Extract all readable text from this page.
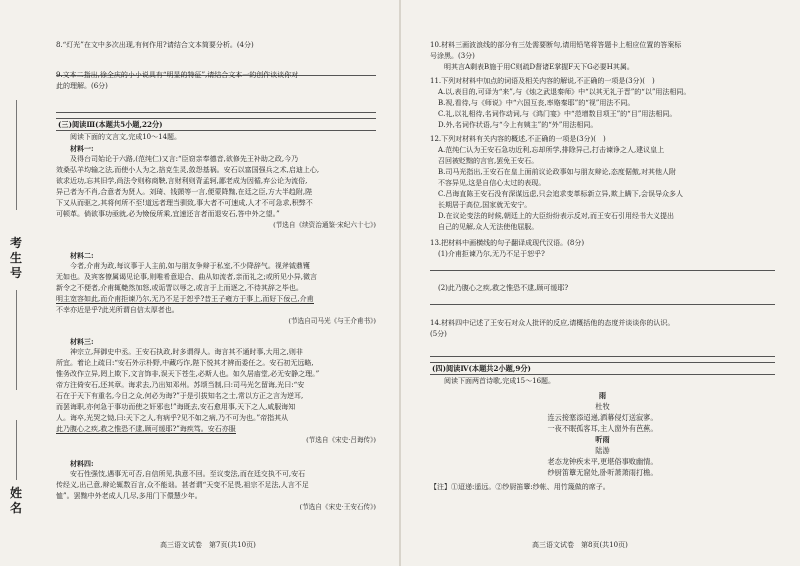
考生号
姓名
8.“灯光”在文中多次出现,有何作用?请结合文本简要分析。(4分)
9.文本二指出,徐全庆的小小说具有“明显的特征”,请结合文本一的创作谈谈你对
此的理解。(6分)
(三)阅读Ⅲ(本题共5小题,22分)
阅读下面的文言文,完成10～14题。
材料一:
及得台司始论于六路,(范纯仁)又言:“臣窃亲奉德音,欲修先王补助之政,今乃
效桑弘羊均输之法,而使小人为之,掊克生灵,敛怨基祸。安石以富国强兵之术,启迪上心,
欲求近功,忘其旧学,尚法令则称商鞅,言财利则背孟轲,鄙老成为因循,弃公论为流俗,
异己者为不肖,合意者为贤人。刘琦、钱顗等一言,便蒙降黜,在廷之臣,方大半趋附,陛
下又从而驱之,其将何所不至!道远者理当驯致,事大者不可速成,人才不可急求,积弊不
可顿革。倘欲事功亟就,必为憸佞所乘,宜速还言者而退安石,答中外之望。”
(节选自《续资治通鉴·宋纪六十七》)
材料二:
今者,介甫为政,每议事于人主前,如与朋友争辩于私室,不少降辞气。视斧钺鼎镬
无如也。及宾客僚属谒见论事,则唯希意迎合、曲从如流者,亲而礼之;或所见小异,微言
新令之不便者,介甫辄艴然加怒,或诟詈以辱之,或言于上而逐之,不待其辞之毕也。
明主宽容如此,而介甫拒谏乃尔,无乃不足于恕乎?昔王子雍方于事上,而好下佞己,介甫
不幸亦近是乎?此光所谓自信太厚者也。
(节选自司马光《与王介甫书》)
材料三:
神宗立,拜御史中丞。王安石执政,时多谓得人。诲言其不通时事,大用之,则非
所宜。着论上疏曰:“安石外示朴野,中藏巧诈,陛下悦其才辨而委任之。安石初无远略,
惟务改作立异,罔上欺下,文言饰非,误天下苍生,必斯人也。如久居庙堂,必无安静之理。”
帝方注倚安石,还其章。诲求去,乃出知邓州。苏颂当制,曰:司马光乞留诲,光曰:“安
石在于天下有重名,今日之众,何必为诲?”于是引拔知名之士,常以方正之言为逆耳,
而罢诲职,亦何急于事功而使之奸邪也!”诲既去,安石愈用事,天下之人,咸服诲知
人。诲卒,光哭之恸,曰:天下之人,有病乎?见不如之病,乃不可为也。”帝指其从
此乃腹心之疾,救之惟恐不逮,顾可缓耶?”诲疾笃。安石亦服
(节选自《宋史·吕诲传》)
材料四:
安石性强忮,遇事无可否,自信所见,执意不回。至议变法,而在廷交执不可,安石
传经义,出己意,辩论辄数百言,众不能诎。甚者谓“天变不足畏,祖宗不足法,人言不足
恤”。罢黜中外老成人几尽,多用门下儇慧少年。
(节选自《宋史·王安石传》)
高三语文试卷　第7页(共10页)
10.材料三画波浪线的部分有三处需要断句,请用铅笔将答题卡上相应位置的答案标
号涂黑。(3分)
明其言A剩表B施于用C则疏D督诸E掌握F天下G必要H其属。
11.下列对材料中加点的词语及相关内容的解说,不正确的一项是(3分)(　)
A.以,表目的,可译为“来”,与《烛之武退秦师》中“以其无礼于晋”的“以”用法相同。
B.视,看待,与《师说》中“六国互丧,率赂秦耶”的“视”用法不同。
C.礼,以礼相待,名词作动词,与《鸿门宴》中“范增数目项王”的“目”用法相同。
D.外,名词作状语,与“今上有姨主”的“外”用法相同。
12.下列对材料有关内容的概述,不正确的一项是(3分)(　)
A.范纯仁认为王安石急功近利,忘却所学,排除异己,打击谏诤之人,建议皇上
召回被贬黜的言官,罢免王安石。
B.司马光指出,王安石在皇上面前议论政事如与朋友辩论,态度倨傲,对其他人附
不容异见,这是自信心太过的表现。
C.吕诲直陈王安石没有深谋远虑,只会追求变革标新立异,欺上瞒下,会误导众多人
长期居于高位,国家就无安宁。
D.在议论变法的时候,朝廷上的大臣纷纷表示反对,而王安石引用经书大义提出
自己的见解,众人无法使他屈服。
13.把材料中画横线的句子翻译成现代汉语。(8分)
(1)介甫拒谏乃尔,无乃不足于恕乎?
(2)此乃腹心之疾,救之惟恐不逮,顾可缓耶?
14.材料四中记述了王安石对众人批评的反应,请概括他的态度并谈谈你的认识。
(5分)
(四)阅读Ⅳ(本题共2小题,9分)
阅读下面两首诗歌,完成15～16题。
雨
杜牧
连云接塞添迢递,洒幕侵灯送寂寥。
一夜不眠孤客耳,主人窗外有芭蕉。
听雨
陆游
老态龙钟疾未平,更堪俗事败幽情。
纱厨笛簟无窟处,卧听萧萧雨打檐。
【注】①迢递:遥远。②纱厨笛簟:纱帐、用竹篾做的席子。
高三语文试卷　第8页(共10页)
